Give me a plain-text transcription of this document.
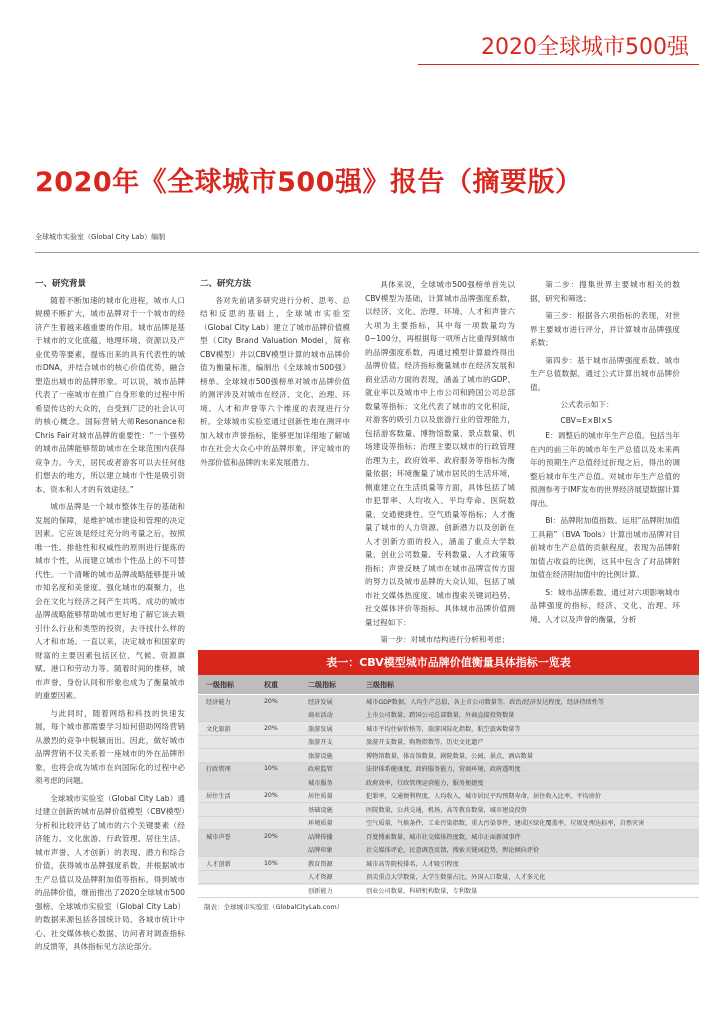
2020全球城市500强
2020年《全球城市500强》报告（摘要版）
全球城市实验室（Global City Lab）编制
一、研究背景

随着不断加速的城市化进程，城市人口规模不断扩大，城市品牌对于一个城市的经济产生着越来越重要的作用。城市品牌是基于城市的文化底蕴、地理环境、资源以及产业优势等要素，提炼出来的具有代表性的城市DNA，并结合城市的核心价值优势，融合塑造出城市的品牌形象。可以说，城市品牌代表了一座城市在推广自身形象的过程中所希望传达的大众的，自受到广泛的社会认可的核心概念。国际营销大师Resonance和Chris Fair对城市品牌的重要性：“一个强势的城市品牌能够帮助城市在全球范围内获得竞争力。今天，居民或者游客可以去任何他们想去的地方，所以建立城市个性是吸引资本、资本和人才的有效途径。”

城市品牌是一个城市整体生存的基础和发展的保障，是维护城市建设和管理的决定因素。它应该是经过充分的考量之后，按照唯一性、排他性和权威性的原则进行提炼的城市个性，从而建立城市个性品上的不可替代性。一个清晰的城市品牌战略能够提升城市知名度和美誉度、强化城市的凝聚力，也会在文化与经济之间产生共鸣。成功的城市品牌战略能够帮助城市更好地了解它该去吸引什么行业和类型的投资，去寻找什么样的人才和市场。一直以来，决定城市和国家的财富的主要因素包括区位、气候、资源禀赋、港口和劳动力等。随着时间的推移，城市声誉、身份认同和形象也成为了衡量城市的重要因素。

与此同时，随着网络和科技的快速发展，每个城市都需要学习如何借助网络营销从激烈的竞争中脱颖而出。因此，做好城市品牌营销不仅关系着一座城市的外在品牌形象，也将会成为城市在向国际化的过程中必须考虑的问题。

全球城市实验室（Global City Lab）通过建立创新的城市品牌价值模型（CBV模型）分析和比较评估了城市的六个关键要素（经济能力、文化旅游、行政管理、居住生活、城市声誉、人才创新）的表现、潜力和综合价值，获得城市品牌强度系数，并根据城市生产总值以及品牌附加值等指标，得到城市的品牌价值，继而推出了2020全球城市500强榜。全球城市实验室（Global City Lab）的数据来源包括各国统计局、各城市统计中心、社交媒体核心数据、访问者对调查指标的反馈等，具体指标见方法论部分。

二、研究方法

各对先前诸多研究进行分析、思考、总结和反思的基础上，全球城市实验室（Global City Lab）建立了城市品牌价值模型（City Brand Valuation Model，简称CBV模型）并以CBV模型计算的城市品牌价值为衡量标准，编制出《全球城市500强》榜单。全球城市500强榜单对城市品牌价值的测评涉及对城市在经济、文化、治理、环境、人才和声誉等六个维度的表现进行分析。全球城市实验室通过创新性地在测评中加入城市声誉指标，能够更加详细地了解城市在社会大众心中的品牌形象，评定城市的外部价值和品牌的未来发展潜力。

具体来说，全球城市500强榜单首先以CBV模型为基础，计算城市品牌强度系数，以经济、文化、治理、环境、人才和声誉六大项为主要指标，其中每一项数量均为0~100分，再根据每一项所占比重得到城市的品牌强度系数，再通过模型计算最终得出品牌价值。经济指标衡量城市在经济发展和商业活动方面的表现，涵盖了城市的GDP、就业率以及城市中上市公司和跨国公司总部数量等指标；文化代表了城市的文化积淀，对游客的吸引力以及旅游行业的管理能力，包括游客数量、博物馆数量、景点数量、机场建设等指标；治理主要以城市的行政管理治理为主，政府效率、政府服务等指标为衡量依据；环境衡量了城市居民的生活环境，侧重建立在生活质量等方面，具体包括了城市犯罪率、人均收入、平均寿命、医院数量、交通便捷性、空气质量等指标；人才衡量了城市的人力资源、创新潜力以及创新在人才创新方面的投入，涵盖了重点大学数量、创业公司数量、专利数量、人才政策等指标；声誉反映了城市在城市品牌宣传方面的努力以及城市品牌的大众认知，包括了城市社交媒体热度度、城市搜索关键词趋势、社交媒体评价等指标。具体城市品牌价值测量过程如下：

第一步：对城市结构进行分析和考虑；

第二步：搜集世界主要城市相关的数据，研究和筛选；

第三步：根据各六项指标的表现，对世界主要城市进行评分，并计算城市品牌强度系数；

第四步：基于城市品牌强度系数、城市生产总值数据，通过公式计算出城市品牌价值。

公式表示如下：

CBV=E×BI×S

E：调整后的城市年生产总值。包括当年在内的前三年的城市年生产总值以及未来两年的预期生产总值经过折现之后，得出的调整后城市年生产总值。对城市年生产总值的预测参考于IMF发布的世界经济展望数据计算得出。

BI：品牌附加值指数。运用“品牌附加值工具箱”（BVA Tools）计算出城市品牌对目前城市生产总值的贡献程度，表现为品牌附加值占收益的比例，这其中包含了对品牌附加值在经济附加值中的比例计算。

S：城市品牌系数。通过对六项影响城市品牌强度的指标，经济、文化、治理、环境、人才以及声誉的衡量，分析

表一：CBV模型城市品牌价值衡量具体指标一览表
一级指标	权重	二级指标	三级指标
经济能力	20%	经济发展	城市GDP数据，人均生产总值，各上市公司数量等，政治/经济发达程度，经济持续性等
		商业活动	上市公司数量，跨国公司总部数量，外商直接投资数量
文化旅游	20%	旅游发展	城市平均住宿价格等，旅游国际化指数，航空旅客数量等
		旅游开支	旅游开支数量，购物指数等，历史文化遗产
		旅游设施	博物馆数量，体育馆数量，剧院数量，公园，景点，酒店数量
行政管理	10%	政府监管	法律体系健康度，政府服务能力，营商环境，政府透明度
		城市服务	政府效率，行政管理运营能力，服务便捷度
居住生活	20%	居住质量	犯罪率，交通便利程度，人均收入，城市居民平均预期寿命，居住收入比率，平均房价
		基础设施	医院数量，公共交通，机场，高等教育数量，城市建设投资
		环境质量	空气质量，气候条件，工业污染指数，重大污染事件，建成区绿化覆盖率，垃圾处理达标率，自然灾害
城市声誉	20%	品牌传播	百度搜索数量，城市社交媒体热度数，城市正面新闻事件
		品牌印象	社交媒体评论，民意调查反馈，搜索关键词趋势，舆论倾向评价
人才创新	10%	教育资源	城市高等院校排名，人才吸引程度
		人才资源	顶尖重点大学数量，大学生数量占比，外国人口数量，人才多元化
		创新能力	创业公司数量，科研机构数量，专利数量
制表：全球城市实验室（GlobalCityLab.com）
